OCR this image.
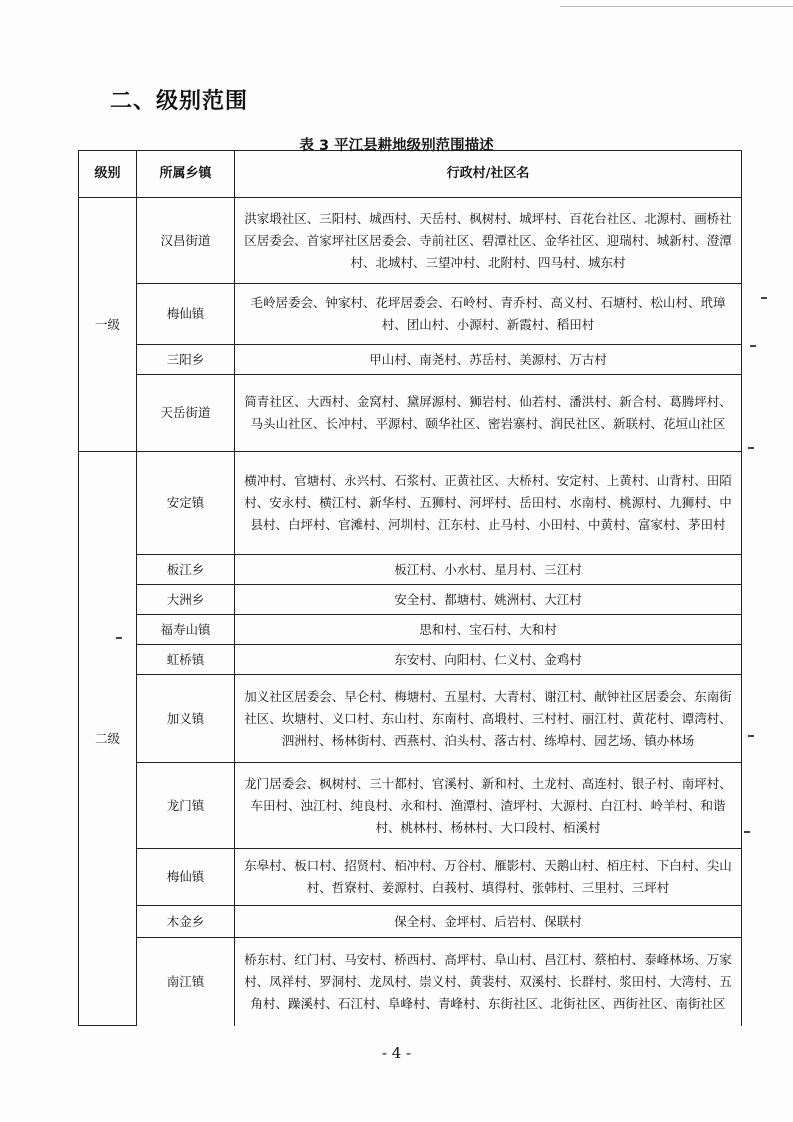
二、级别范围
表 3 平江县耕地级别范围描述
级别	所属乡镇	行政村/社区名
一级	汉昌街道	洪家塅社区、三阳村、城西村、天岳村、枫树村、城坪村、百花台社区、北源村、画桥社区居委会、首家坪社区居委会、寺前社区、碧潭社区、金华社区、迎瑞村、城新村、澄潭村、北城村、三望冲村、北附村、四马村、城东村
	梅仙镇	毛岭居委会、钟家村、花坪居委会、石岭村、青乔村、高义村、石塘村、松山村、玳璋村、团山村、小源村、新霞村、稻田村
	三阳乡	甲山村、南尧村、苏岳村、美源村、万古村
	天岳街道	简青社区、大西村、金窝村、黛屏源村、狮岩村、仙若村、潘洪村、新合村、葛腾坪村、马头山社区、长冲村、平源村、颐华社区、密岩寨村、润民社区、新联村、花垣山社区
二级	安定镇	横冲村、官塘村、永兴村、石浆村、正黄社区、大桥村、安定村、上黄村、山背村、田陌村、安永村、横江村、新华村、五狮村、河坪村、岳田村、水南村、桃源村、九狮村、中县村、白坪村、官滩村、河圳村、江东村、止马村、小田村、中黄村、富家村、茅田村
	板江乡	板江村、小水村、星月村、三江村
	大洲乡	安全村、都塘村、姚洲村、大江村
	福寿山镇	思和村、宝石村、大和村
	虹桥镇	东安村、向阳村、仁义村、金鸡村
	加义镇	加义社区居委会、早仑村、梅塘村、五星村、大青村、谢江村、献钟社区居委会、东南街社区、坎塘村、义口村、东山村、东南村、高塅村、三村村、丽江村、黄花村、谭湾村、泗洲村、杨林街村、西燕村、泊头村、落古村、练埠村、园艺场、镇办林场
	龙门镇	龙门居委会、枫树村、三十都村、官溪村、新和村、土龙村、高连村、银子村、南坪村、车田村、浊江村、纯良村、永和村、渔潭村、渣坪村、大源村、白江村、岭羊村、和谐村、桃林村、杨林村、大口段村、栢溪村
	梅仙镇	东皋村、板口村、招贤村、栢冲村、万谷村、雁影村、天鹅山村、栢庄村、下白村、尖山村、哲寮村、姜源村、白莪村、填得村、张韩村、三里村、三坪村
	木金乡	保全村、金坪村、后岩村、保联村
	南江镇	桥东村、红门村、马安村、桥西村、高坪村、阜山村、昌江村、蔡柏村、泰峰林场、万家村、凤祥村、罗洞村、龙凤村、崇义村、黄裴村、双溪村、长群村、浆田村、大湾村、五角村、躁溪村、石江村、阜峰村、青峰村、东街社区、北街社区、西街社区、南街社区
- 4 -
